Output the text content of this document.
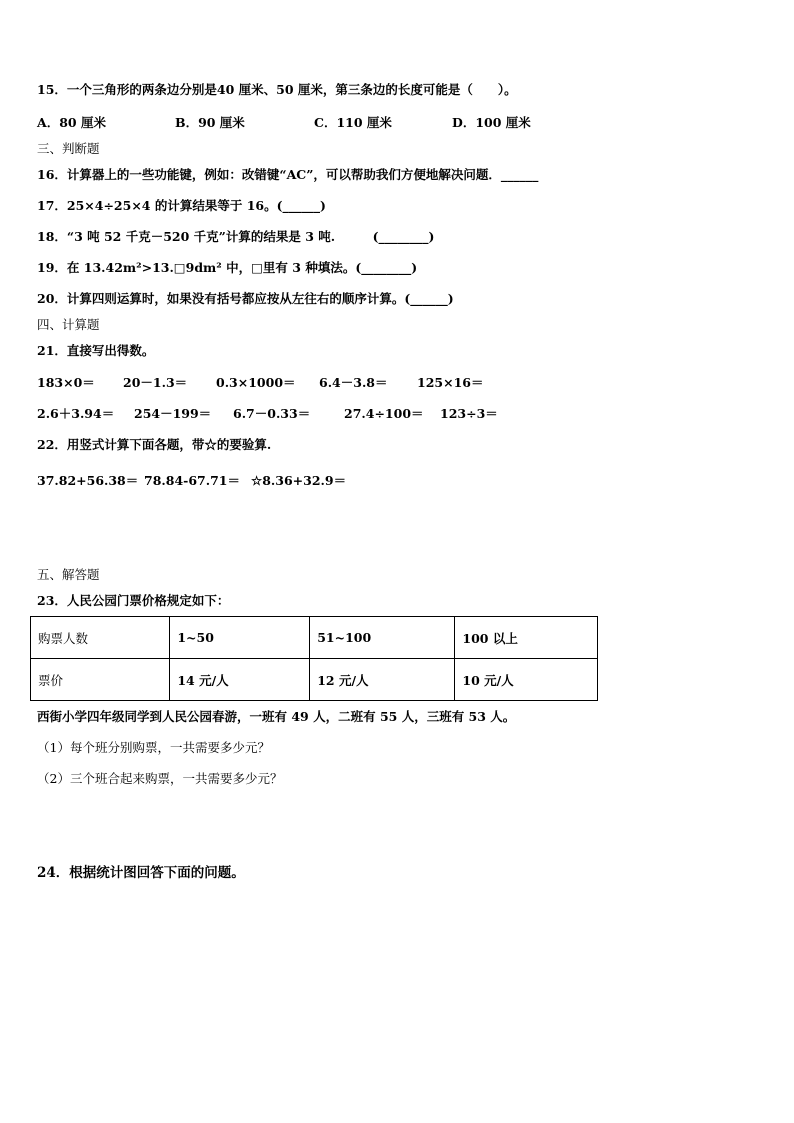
15．一个三角形的两条边分别是40 厘米、50 厘米，第三条边的长度可能是（　　）。
A．80 厘米	B．90 厘米	C．110 厘米	D．100 厘米
三、判断题
16．计算器上的一些功能键，例如：改错键“AC”，可以帮助我们方便地解决问题．______
17．25×4÷25×4 的计算结果等于 16。(______)
18．“3 吨 52 千克－520 千克”计算的结果是 3 吨.　　　(________)
19．在 13.42m²>13.□9dm² 中，□里有 3 种填法。(________)
20．计算四则运算时，如果没有括号都应按从左往右的顺序计算。(______)
四、计算题
21．直接写出得数。
183×0＝ 20－1.3＝ 0.3×1000＝ 6.4－3.8＝ 125×16＝
2.6＋3.94＝ 254－199＝ 6.7－0.33＝	27.4÷100＝ 123÷3＝
22．用竖式计算下面各题，带☆的要验算.
37.82+56.38＝ 78.84-67.71＝ ☆8.36+32.9＝
五、解答题
23．人民公园门票价格规定如下：
购票人数	1~50	51~100	100 以上
票价	14 元/人	12 元/人	10 元/人
西街小学四年级同学到人民公园春游，一班有 49 人，二班有 55 人，三班有 53 人。
（1）每个班分别购票，一共需要多少元？
（2）三个班合起来购票，一共需要多少元？
24．根据统计图回答下面的问题。
